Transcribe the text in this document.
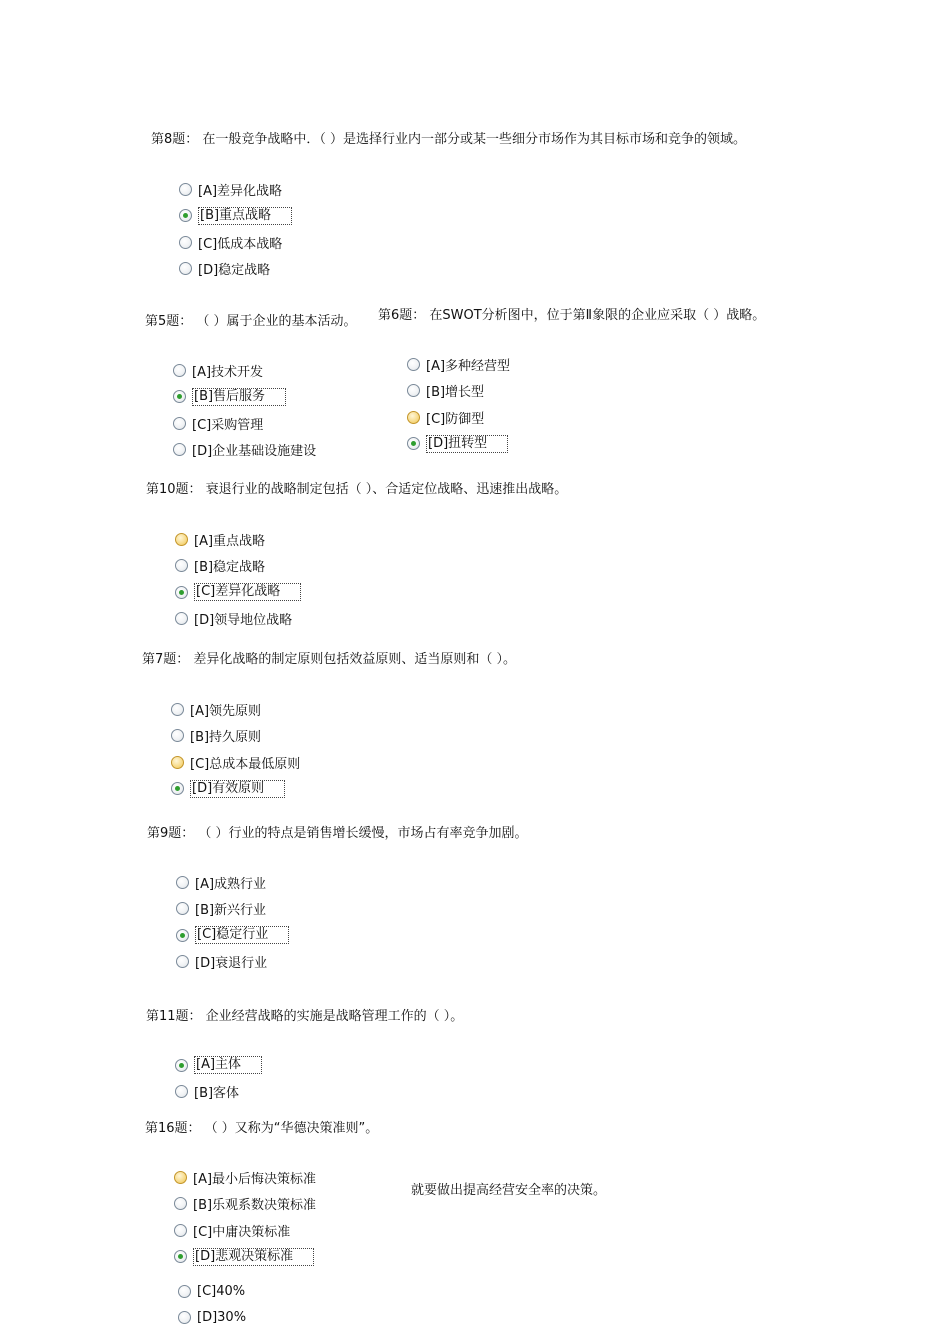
第8题： 在一般竞争战略中．（ ）是选择行业内一部分或某一些细分市场作为其目标市场和竞争的领域。
[A]差异化战略
[B]重点战略
[C]低成本战略
[D]稳定战略
第5题： （ ）属于企业的基本活动。
[A]技术开发
[B]售后服务
[C]采购管理
[D]企业基础设施建设
第6题： 在SWOT分析图中，位于第Ⅱ象限的企业应采取（ ）战略。
[A]多种经营型
[B]增长型
[C]防御型
[D]扭转型
第10题： 衰退行业的战略制定包括（ ）、合适定位战略、迅速推出战略。
[A]重点战略
[B]稳定战略
[C]差异化战略
[D]领导地位战略
第7题： 差异化战略的制定原则包括效益原则、适当原则和（ ）。
[A]领先原则
[B]持久原则
[C]总成本最低原则
[D]有效原则
第9题： （ ）行业的特点是销售增长缓慢，市场占有率竞争加剧。
[A]成熟行业
[B]新兴行业
[C]稳定行业
[D]衰退行业
第11题： 企业经营战略的实施是战略管理工作的（ ）。
[A]主体
[B]客体
第16题： （ ）又称为“华德决策准则”。
[A]最小后悔决策标准
[B]乐观系数决策标准
[C]中庸决策标准
[D]悲观决策标准
就要做出提高经营安全率的决策。
[C]40%
[D]30%
